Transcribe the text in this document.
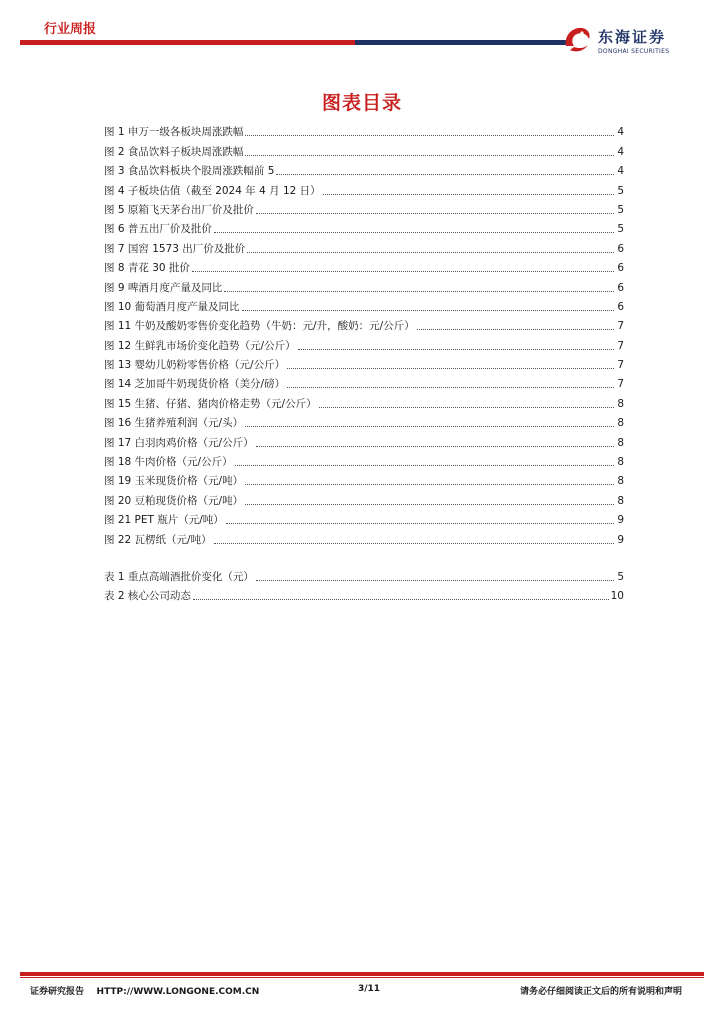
行业周报	东海证券
DONGHAI SECURITIES
图表目录
图 1 申万一级各板块周涨跌幅	4
图 2 食品饮料子板块周涨跌幅	4
图 3 食品饮料板块个股周涨跌幅前 5	4
图 4 子板块估值（截至 2024 年 4 月 12 日）	5
图 5 原箱飞天茅台出厂价及批价	5
图 6 普五出厂价及批价	5
图 7 国窖 1573 出厂价及批价	6
图 8 青花 30 批价	6
图 9 啤酒月度产量及同比	6
图 10 葡萄酒月度产量及同比	6
图 11 牛奶及酸奶零售价变化趋势（牛奶：元/升，酸奶：元/公斤）	7
图 12 生鲜乳市场价变化趋势（元/公斤）	7
图 13 婴幼儿奶粉零售价格（元/公斤）	7
图 14 芝加哥牛奶现货价格（美分/磅）	7
图 15 生猪、仔猪、猪肉价格走势（元/公斤）	8
图 16 生猪养殖利润（元/头）	8
图 17 白羽肉鸡价格（元/公斤）	8
图 18 牛肉价格（元/公斤）	8
图 19 玉米现货价格（元/吨）	8
图 20 豆粕现货价格（元/吨）	8
图 21 PET 瓶片（元/吨）	9
图 22 瓦楞纸（元/吨）	9
表 1 重点高端酒批价变化（元）	5
表 2 核心公司动态	10
证券研究报告    HTTP://WWW.LONGONE.COM.CN	3/11	请务必仔细阅读正文后的所有说明和声明
